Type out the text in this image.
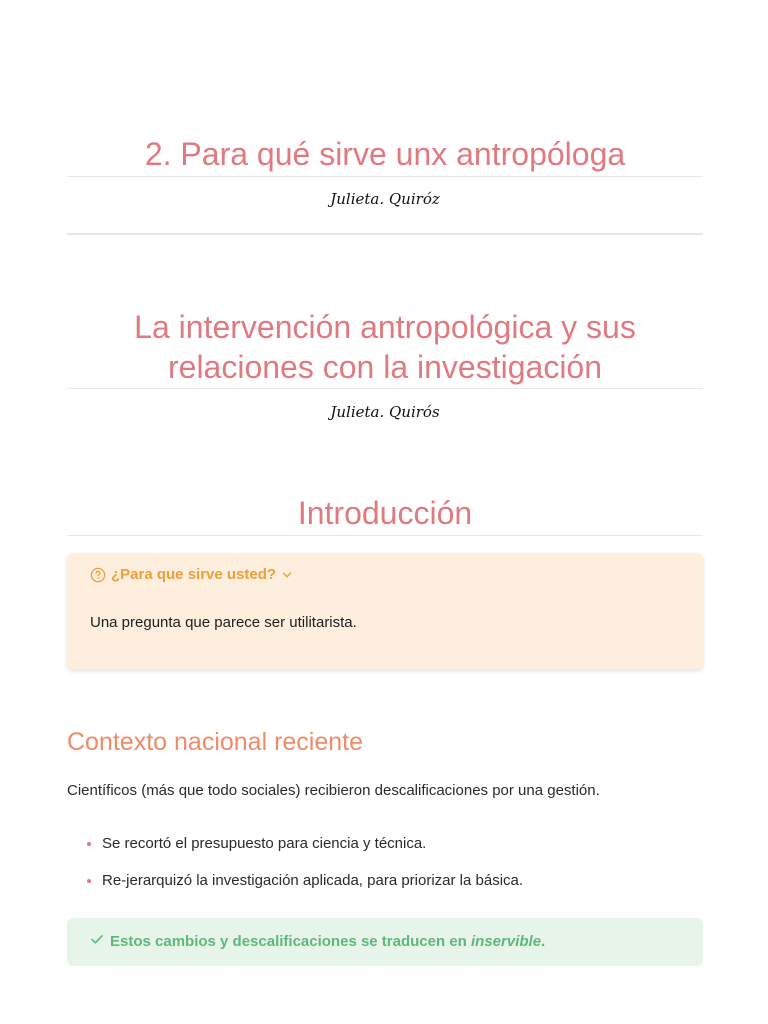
2. Para qué sirve unx antropóloga
Julieta. Quiróz
La intervención antropológica y sus
relaciones con la investigación
Julieta. Quirós
Introducción
¿Para que sirve usted?
Una pregunta que parece ser utilitarista.
Contexto nacional reciente

Científicos (más que todo sociales) recibieron descalificaciones por una gestión.

Se recortó el presupuesto para ciencia y técnica.
Re-jerarquizó la investigación aplicada, para priorizar la básica.
Estos cambios y descalificaciones se traducen en inservible.
